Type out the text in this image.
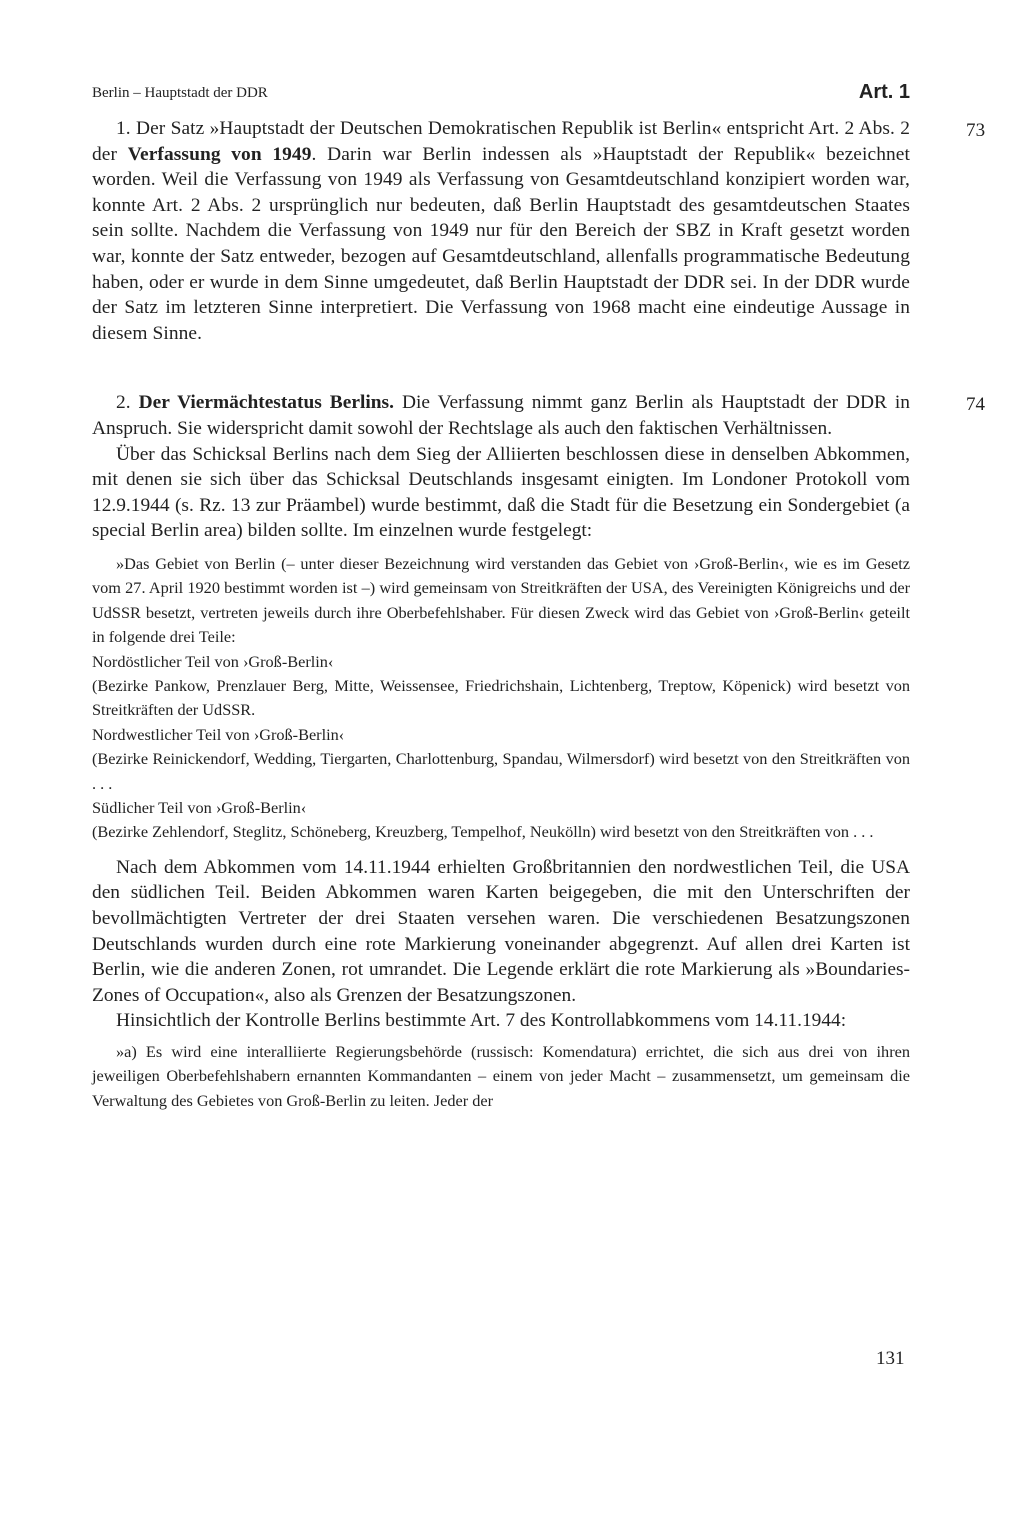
Berlin – Hauptstadt der DDR	Art. 1

73
1. Der Satz »Hauptstadt der Deutschen Demokratischen Republik ist Berlin« entspricht Art. 2 Abs. 2 der Verfassung von 1949. Darin war Berlin indessen als »Hauptstadt der Republik« bezeichnet worden. Weil die Verfassung von 1949 als Verfassung von Gesamtdeutschland konzipiert worden war, konnte Art. 2 Abs. 2 ursprünglich nur bedeuten, daß Berlin Hauptstadt des gesamtdeutschen Staates sein sollte. Nachdem die Verfassung von 1949 nur für den Bereich der SBZ in Kraft gesetzt worden war, konnte der Satz entweder, bezogen auf Gesamtdeutschland, allenfalls programmatische Bedeutung haben, oder er wurde in dem Sinne umgedeutet, daß Berlin Hauptstadt der DDR sei. In der DDR wurde der Satz im letzteren Sinne interpretiert. Die Verfassung von 1968 macht eine eindeutige Aussage in diesem Sinne.

74
2. Der Viermächtestatus Berlins. Die Verfassung nimmt ganz Berlin als Hauptstadt der DDR in Anspruch. Sie widerspricht damit sowohl der Rechtslage als auch den faktischen Verhältnissen.

Über das Schicksal Berlins nach dem Sieg der Alliierten beschlossen diese in denselben Abkommen, mit denen sie sich über das Schicksal Deutschlands insgesamt einigten. Im Londoner Protokoll vom 12.9.1944 (s. Rz. 13 zur Präambel) wurde bestimmt, daß die Stadt für die Besetzung ein Sondergebiet (a special Berlin area) bilden sollte. Im einzelnen wurde festgelegt:

»Das Gebiet von Berlin (– unter dieser Bezeichnung wird verstanden das Gebiet von ›Groß-Berlin‹, wie es im Gesetz vom 27. April 1920 bestimmt worden ist –) wird gemeinsam von Streitkräften der USA, des Vereinigten Königreichs und der UdSSR besetzt, vertreten jeweils durch ihre Oberbefehlshaber. Für diesen Zweck wird das Gebiet von ›Groß-Berlin‹ geteilt in folgende drei Teile:
Nordöstlicher Teil von ›Groß-Berlin‹
(Bezirke Pankow, Prenzlauer Berg, Mitte, Weissensee, Friedrichshain, Lichtenberg, Treptow, Köpenick) wird besetzt von Streitkräften der UdSSR.
Nordwestlicher Teil von ›Groß-Berlin‹
(Bezirke Reinickendorf, Wedding, Tiergarten, Charlottenburg, Spandau, Wilmersdorf) wird besetzt von den Streitkräften von . . .
Südlicher Teil von ›Groß-Berlin‹
(Bezirke Zehlendorf, Steglitz, Schöneberg, Kreuzberg, Tempelhof, Neukölln) wird besetzt von den Streitkräften von . . .

Nach dem Abkommen vom 14.11.1944 erhielten Großbritannien den nordwestlichen Teil, die USA den südlichen Teil. Beiden Abkommen waren Karten beigegeben, die mit den Unterschriften der bevollmächtigten Vertreter der drei Staaten versehen waren. Die verschiedenen Besatzungszonen Deutschlands wurden durch eine rote Markierung voneinander abgegrenzt. Auf allen drei Karten ist Berlin, wie die anderen Zonen, rot umrandet. Die Legende erklärt die rote Markierung als »Boundaries-Zones of Occupation«, also als Grenzen der Besatzungszonen.

Hinsichtlich der Kontrolle Berlins bestimmte Art. 7 des Kontrollabkommens vom 14.11.1944:

»a) Es wird eine interalliierte Regierungsbehörde (russisch: Komendatura) errichtet, die sich aus drei von ihren jeweiligen Oberbefehlshabern ernannten Kommandanten – einem von jeder Macht – zusammensetzt, um gemeinsam die Verwaltung des Gebietes von Groß-Berlin zu leiten. Jeder der
131
